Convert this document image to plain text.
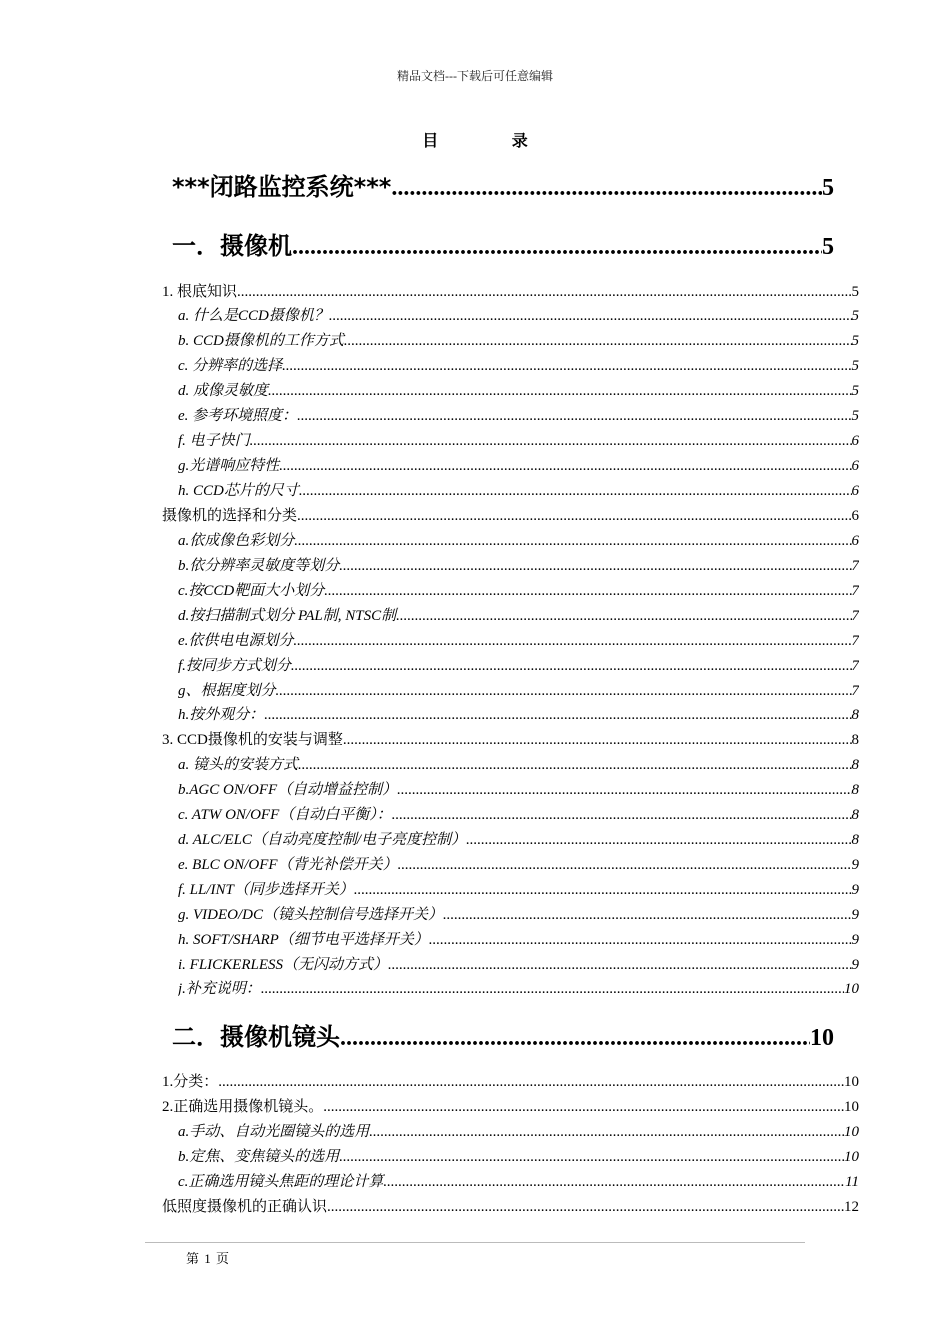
精品文档---下载后可任意编辑
目 录
***闭路监控系统*** .....	5
一．摄像机 .....	5
1. 根底知识 .....	5
a. 什么是CCD摄像机？ .....	5
b. CCD摄像机的工作方式 .....	5
c. 分辨率的选择 .....	5
d. 成像灵敏度 .....	5
e. 参考环境照度： .....	5
f. 电子快门 .....	6
g.光谱响应特性 .....	6
h. CCD芯片的尺寸 .....	6
摄像机的选择和分类 .....	6
a.依成像色彩划分 .....	6
b.依分辨率灵敏度等划分 .....	7
c.按CCD靶面大小划分 .....	7
d.按扫描制式划分 PAL制, NTSC制 .....	7
e.依供电电源划分 .....	7
f.按同步方式划分 .....	7
g、根据度划分 .....	7
h.按外观分： .....	8
3. CCD摄像机的安装与调整 .....	8
a. 镜头的安装方式 .....	8
b.AGC ON/OFF（自动增益控制） .....	8
c. ATW ON/OFF（自动白平衡）： .....	8
d. ALC/ELC（自动亮度控制/电子亮度控制） .....	8
e. BLC ON/OFF（背光补偿开关） .....	9
f. LL/INT（同步选择开关） .....	9
g. VIDEO/DC（镜头控制信号选择开关） .....	9
h. SOFT/SHARP（细节电平选择开关） .....	9
i. FLICKERLESS（无闪动方式） .....	9
j.补充说明： .....	10
二．摄像机镜头 .....	10
1.分类： .....	10
2.正确选用摄像机镜头。 .....	10
a.手动、自动光圈镜头的选用 .....	10
b.定焦、变焦镜头的选用 .....	10
c.正确选用镜头焦距的理论计算 .....	11
低照度摄像机的正确认识 .....	12
第 1 页
